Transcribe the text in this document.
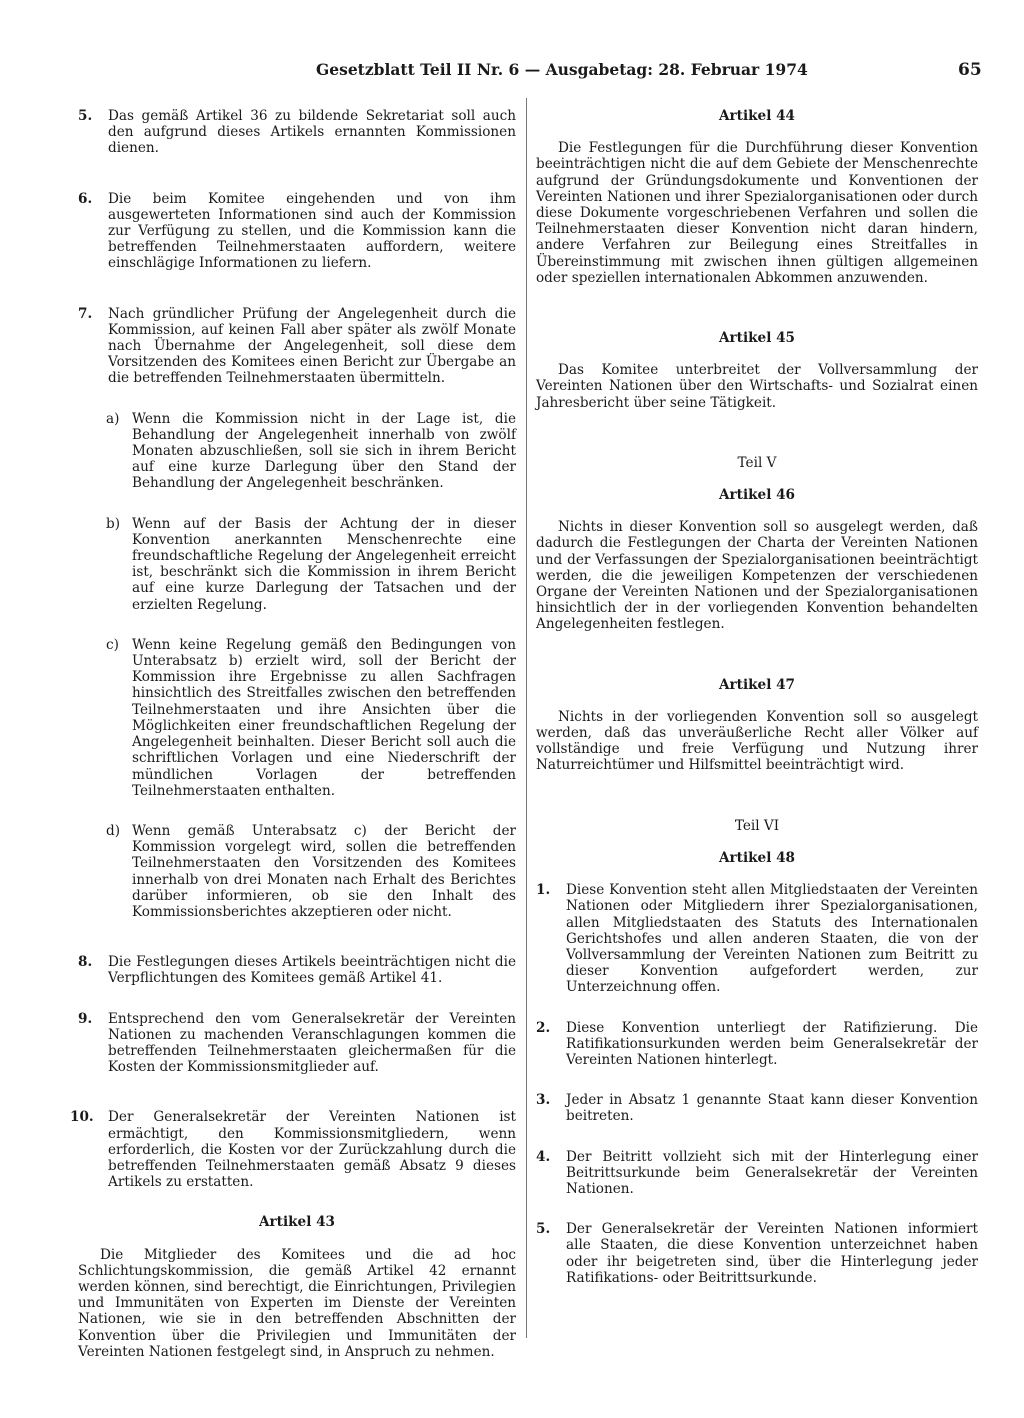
Gesetzblatt Teil II Nr. 6 — Ausgabetag: 28. Februar 1974	65
5. Das gemäß Artikel 36 zu bildende Sekretariat soll auch den aufgrund dieses Artikels ernannten Kommissionen dienen.
6. Die beim Komitee eingehenden und von ihm ausgewerteten Informationen sind auch der Kommission zur Verfügung zu stellen, und die Kommission kann die betreffenden Teilnehmerstaaten auffordern, weitere einschlägige Informationen zu liefern.
7. Nach gründlicher Prüfung der Angelegenheit durch die Kommission, auf keinen Fall aber später als zwölf Monate nach Übernahme der Angelegenheit, soll diese dem Vorsitzenden des Komitees einen Bericht zur Übergabe an die betreffenden Teilnehmerstaaten übermitteln.
a) Wenn die Kommission nicht in der Lage ist, die Behandlung der Angelegenheit innerhalb von zwölf Monaten abzuschließen, soll sie sich in ihrem Bericht auf eine kurze Darlegung über den Stand der Behandlung der Angelegenheit beschränken.
b) Wenn auf der Basis der Achtung der in dieser Konvention anerkannten Menschenrechte eine freundschaftliche Regelung der Angelegenheit erreicht ist, beschränkt sich die Kommission in ihrem Bericht auf eine kurze Darlegung der Tatsachen und der erzielten Regelung.
c) Wenn keine Regelung gemäß den Bedingungen von Unterabsatz b) erzielt wird, soll der Bericht der Kommission ihre Ergebnisse zu allen Sachfragen hinsichtlich des Streitfalles zwischen den betreffenden Teilnehmerstaaten und ihre Ansichten über die Möglichkeiten einer freundschaftlichen Regelung der Angelegenheit beinhalten. Dieser Bericht soll auch die schriftlichen Vorlagen und eine Niederschrift der mündlichen Vorlagen der betreffenden Teilnehmerstaaten enthalten.
d) Wenn gemäß Unterabsatz c) der Bericht der Kommission vorgelegt wird, sollen die betreffenden Teilnehmerstaaten den Vorsitzenden des Komitees innerhalb von drei Monaten nach Erhalt des Berichtes darüber informieren, ob sie den Inhalt des Kommissionsberichtes akzeptieren oder nicht.
8. Die Festlegungen dieses Artikels beeinträchtigen nicht die Verpflichtungen des Komitees gemäß Artikel 41.
9. Entsprechend den vom Generalsekretär der Vereinten Nationen zu machenden Veranschlagungen kommen die betreffenden Teilnehmerstaaten gleichermaßen für die Kosten der Kommissionsmitglieder auf.
10. Der Generalsekretär der Vereinten Nationen ist ermächtigt, den Kommissionsmitgliedern, wenn erforderlich, die Kosten vor der Zurückzahlung durch die betreffenden Teilnehmerstaaten gemäß Absatz 9 dieses Artikels zu erstatten.
Artikel 43
Die Mitglieder des Komitees und die ad hoc Schlichtungskommission, die gemäß Artikel 42 ernannt werden können, sind berechtigt, die Einrichtungen, Privilegien und Immunitäten von Experten im Dienste der Vereinten Nationen, wie sie in den betreffenden Abschnitten der Konvention über die Privilegien und Immunitäten der Vereinten Nationen festgelegt sind, in Anspruch zu nehmen.
Artikel 44
Die Festlegungen für die Durchführung dieser Konvention beeinträchtigen nicht die auf dem Gebiete der Menschenrechte aufgrund der Gründungsdokumente und Konventionen der Vereinten Nationen und ihrer Spezialorganisationen oder durch diese Dokumente vorgeschriebenen Verfahren und sollen die Teilnehmerstaaten dieser Konvention nicht daran hindern, andere Verfahren zur Beilegung eines Streitfalles in Übereinstimmung mit zwischen ihnen gültigen allgemeinen oder speziellen internationalen Abkommen anzuwenden.
Artikel 45
Das Komitee unterbreitet der Vollversammlung der Vereinten Nationen über den Wirtschafts- und Sozialrat einen Jahresbericht über seine Tätigkeit.
Teil V
Artikel 46
Nichts in dieser Konvention soll so ausgelegt werden, daß dadurch die Festlegungen der Charta der Vereinten Nationen und der Verfassungen der Spezialorganisationen beeinträchtigt werden, die die jeweiligen Kompetenzen der verschiedenen Organe der Vereinten Nationen und der Spezialorganisationen hinsichtlich der in der vorliegenden Konvention behandelten Angelegenheiten festlegen.
Artikel 47
Nichts in der vorliegenden Konvention soll so ausgelegt werden, daß das unveräußerliche Recht aller Völker auf vollständige und freie Verfügung und Nutzung ihrer Naturreichtümer und Hilfsmittel beeinträchtigt wird.
Teil VI
Artikel 48
1. Diese Konvention steht allen Mitgliedstaaten der Vereinten Nationen oder Mitgliedern ihrer Spezialorganisationen, allen Mitgliedstaaten des Statuts des Internationalen Gerichtshofes und allen anderen Staaten, die von der Vollversammlung der Vereinten Nationen zum Beitritt zu dieser Konvention aufgefordert werden, zur Unterzeichnung offen.
2. Diese Konvention unterliegt der Ratifizierung. Die Ratifikationsurkunden werden beim Generalsekretär der Vereinten Nationen hinterlegt.
3. Jeder in Absatz 1 genannte Staat kann dieser Konvention beitreten.
4. Der Beitritt vollzieht sich mit der Hinterlegung einer Beitrittsurkunde beim Generalsekretär der Vereinten Nationen.
5. Der Generalsekretär der Vereinten Nationen informiert alle Staaten, die diese Konvention unterzeichnet haben oder ihr beigetreten sind, über die Hinterlegung jeder Ratifikations- oder Beitrittsurkunde.
